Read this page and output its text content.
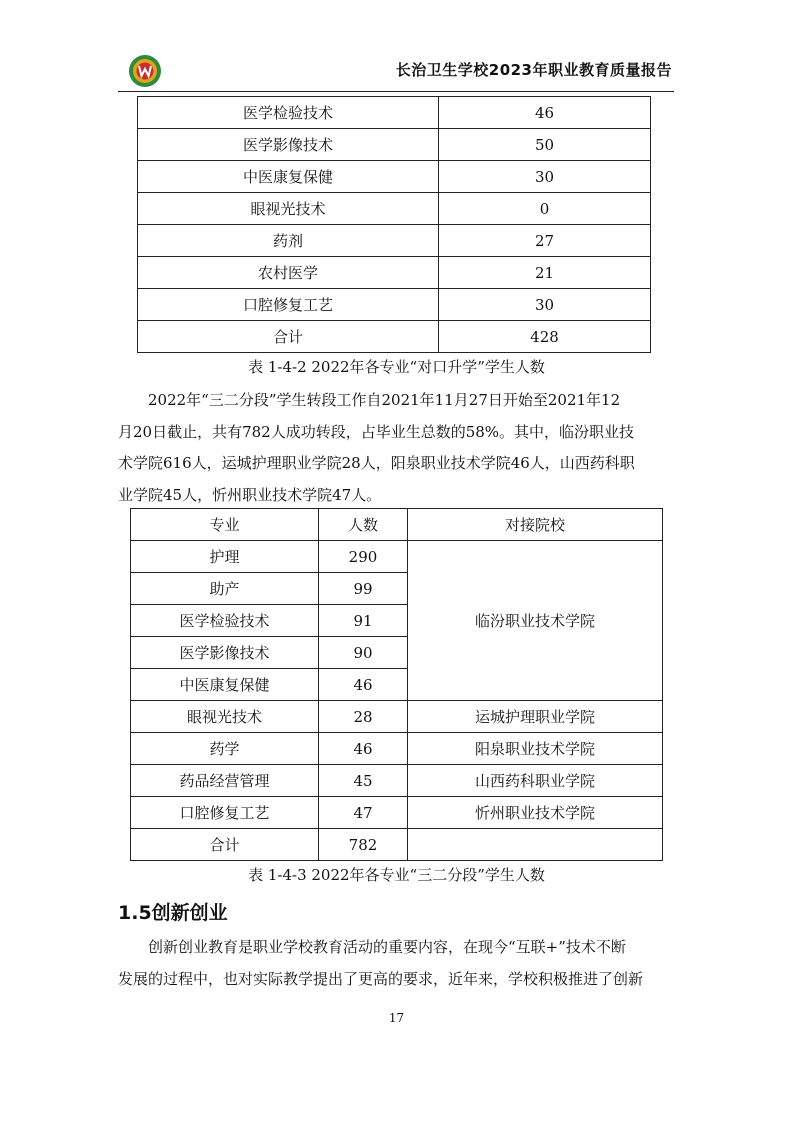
长治卫生学校2023年职业教育质量报告
医学检验技术	46
医学影像技术	50
中医康复保健	30
眼视光技术	0
药剂	27
农村医学	21
口腔修复工艺	30
合计	428
表 1-4-2 2022年各专业“对口升学”学生人数
2022年“三二分段”学生转段工作自2021年11月27日开始至2021年12
月20日截止，共有782人成功转段，占毕业生总数的58%。其中，临汾职业技
术学院616人，运城护理职业学院28人，阳泉职业技术学院46人，山西药科职
业学院45人，忻州职业技术学院47人。
专业	人数	对接院校
护理	290	临汾职业技术学院
助产	99	
医学检验技术	91	
医学影像技术	90	
中医康复保健	46	
眼视光技术	28	运城护理职业学院
药学	46	阳泉职业技术学院
药品经营管理	45	山西药科职业学院
口腔修复工艺	47	忻州职业技术学院
合计	782	
表 1-4-3 2022年各专业“三二分段”学生人数
1.5创新创业
创新创业教育是职业学校教育活动的重要内容，在现今“互联+”技术不断
发展的过程中，也对实际教学提出了更高的要求，近年来，学校积极推进了创新
17
